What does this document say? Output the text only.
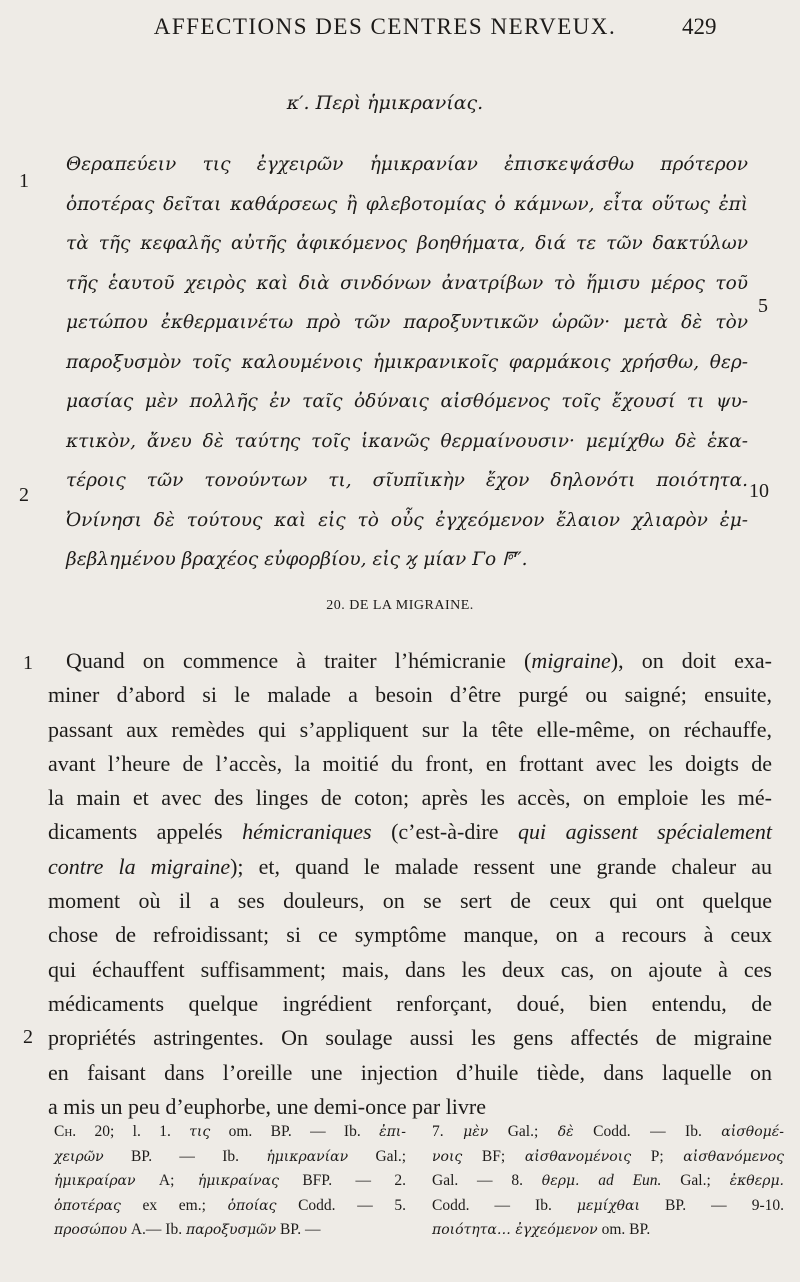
AFFECTIONS DES CENTRES NERVEUX.	429
κ′. Περὶ ἡμικρανίας.
1
2
5
10
Θεραπεύειν τις ἐγχειρῶν ἡμικρανίαν ἐπισκεψάσθω πρότερον
ὁποτέρας δεῖται καθάρσεως ἢ φλεβοτομίας ὁ κάμνων, εἶτα οὕτως ἐπὶ
τὰ τῆς κεφαλῆς αὐτῆς ἀφικόμενος βοηθήματα, διά τε τῶν δακτύλων
τῆς ἑαυτοῦ χειρὸς καὶ διὰ σινδόνων ἀνατρίβων τὸ ἥμισυ μέρος τοῦ
μετώπου ἐκθερμαινέτω πρὸ τῶν παροξυντικῶν ὡρῶν· μετὰ δὲ τὸν
παροξυσμὸν τοῖς καλουμένοις ἡμικρανικοῖς φαρμάκοις χρήσθω, θερ-
μασίας μὲν πολλῆς ἐν ταῖς ὀδύναις αἰσθόμενος τοῖς ἔχουσί τι ψυ-
κτικὸν, ἄνευ δὲ ταύτης τοῖς ἱκανῶς θερμαίνουσιν· μεμίχθω δὲ ἑκα-
τέροις τῶν τονούντων τι, σῖυπῖικὴν ἔχον δηλονότι ποιότητα.
Ὀνίνησι δὲ τούτους καὶ εἰς τὸ οὖς ἐγχεόμενον ἔλαιον χλιαρὸν ἐμ-
βεβλημένου βραχέος εὐφορβίου, εἰς ϗ μίαν Γο 𐆄″.
20. DE LA MIGRAINE.
1
2
Quand on commence à traiter l’hémicranie (migraine), on doit exa-
miner d’abord si le malade a besoin d’être purgé ou saigné; ensuite,
passant aux remèdes qui s’appliquent sur la tête elle-même, on réchauffe,
avant l’heure de l’accès, la moitié du front, en frottant avec les doigts de
la main et avec des linges de coton; après les accès, on emploie les mé-
dicaments appelés hémicraniques (c’est-à-dire qui agissent spécialement
contre la migraine); et, quand le malade ressent une grande chaleur au
moment où il a ses douleurs, on se sert de ceux qui ont quelque
chose de refroidissant; si ce symptôme manque, on a recours à ceux
qui échauffent suffisamment; mais, dans les deux cas, on ajoute à ces
médicaments quelque ingrédient renforçant, doué, bien entendu, de
propriétés astringentes. On soulage aussi les gens affectés de migraine
en faisant dans l’oreille une injection d’huile tiède, dans laquelle on
a mis un peu d’euphorbe, une demi-once par livre
Ch. 20; l. 1. τις om. BP. — Ib. ἐπι-
χειρῶν BP. — Ib. ἡμικρανίαν Gal.;
ἡμικραίραν A; ἡμικραίνας BFP. — 2.
ὁποτέρας ex em.; ὁποίας Codd. — 5.
προσώπου A.— Ib. παροξυσμῶν BP. —
7. μὲν Gal.; δὲ Codd. — Ib. αἰσθομέ-
νοις BF; αἰσθανομένοις P; αἰσθανόμενος
Gal. — 8. θερμ. ad Eun. Gal.; ἐκθερμ.
Codd. — Ib. μεμίχθαι BP. — 9-10.
ποιότητα… ἐγχεόμενον om. BP.
